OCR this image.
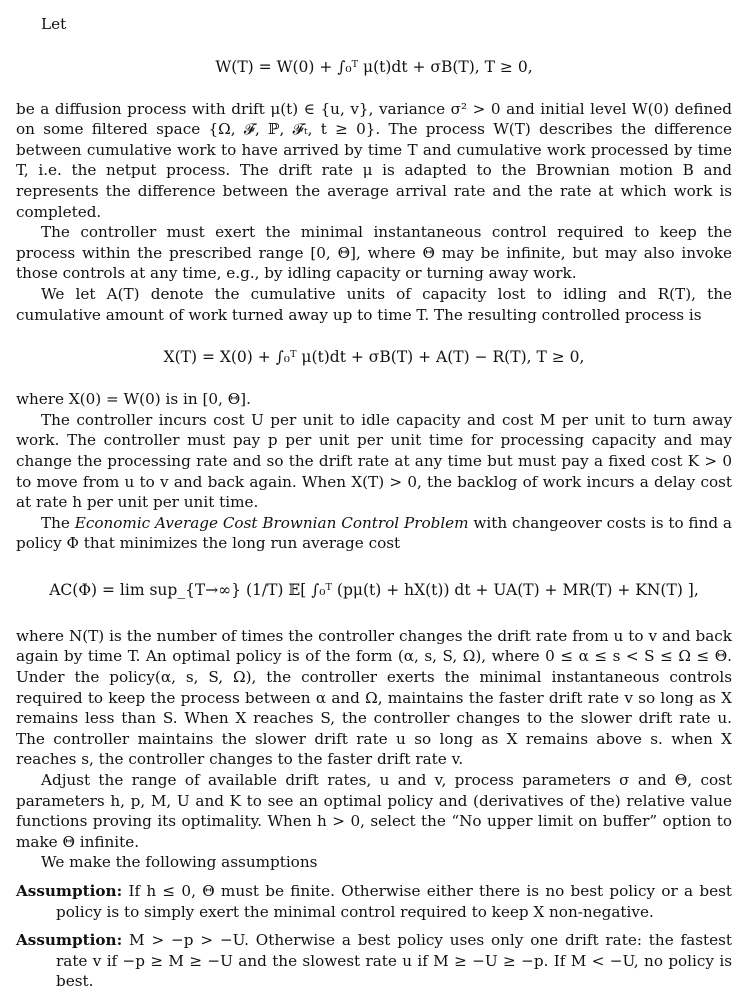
Let

W(T) = W(0) + ∫₀ᵀ μ(t)dt + σB(T), T ≥ 0,

be a diffusion process with drift μ(t) ∈ {u, v}, variance σ² > 0 and initial level W(0) defined on some filtered space {Ω, 𝓕, ℙ, 𝓕ₜ, t ≥ 0}. The process W(T) describes the difference between cumulative work to have arrived by time T and cumulative work processed by time T, i.e. the netput process. The drift rate μ is adapted to the Brownian motion B and represents the difference between the average arrival rate and the rate at which work is completed.

The controller must exert the minimal instantaneous control required to keep the process within the prescribed range [0, Θ], where Θ may be infinite, but may also invoke those controls at any time, e.g., by idling capacity or turning away work.

We let A(T) denote the cumulative units of capacity lost to idling and R(T), the cumulative amount of work turned away up to time T. The resulting controlled process is

X(T) = X(0) + ∫₀ᵀ μ(t)dt + σB(T) + A(T) − R(T), T ≥ 0,

where X(0) = W(0) is in [0, Θ].

The controller incurs cost U per unit to idle capacity and cost M per unit to turn away work. The controller must pay p per unit per unit time for processing capacity and may change the processing rate and so the drift rate at any time but must pay a fixed cost K > 0 to move from u to v and back again. When X(T) > 0, the backlog of work incurs a delay cost at rate h per unit per unit time.

The Economic Average Cost Brownian Control Problem with changeover costs is to find a policy Φ that minimizes the long run average cost

AC(Φ) = lim sup_{T→∞} (1/T) 𝔼[ ∫₀ᵀ (pμ(t) + hX(t)) dt + UA(T) + MR(T) + KN(T) ],

where N(T) is the number of times the controller changes the drift rate from u to v and back again by time T. An optimal policy is of the form (α, s, S, Ω), where 0 ≤ α ≤ s < S ≤ Ω ≤ Θ. Under the policy(α, s, S, Ω), the controller exerts the minimal instantaneous controls required to keep the process between α and Ω, maintains the faster drift rate v so long as X remains less than S. When X reaches S, the controller changes to the slower drift rate u. The controller maintains the slower drift rate u so long as X remains above s. when X reaches s, the controller changes to the faster drift rate v.

Adjust the range of available drift rates, u and v, process parameters σ and Θ, cost parameters h, p, M, U and K to see an optimal policy and (derivatives of the) relative value functions proving its optimality. When h > 0, select the “No upper limit on buffer” option to make Θ infinite.

We make the following assumptions

Assumption: If h ≤ 0, Θ must be finite. Otherwise either there is no best policy or a best policy is to simply exert the minimal control required to keep X non-negative.

Assumption: M > −p > −U. Otherwise a best policy uses only one drift rate: the fastest rate v if −p ≥ M ≥ −U and the slowest rate u if M ≥ −U ≥ −p. If M < −U, no policy is best.
